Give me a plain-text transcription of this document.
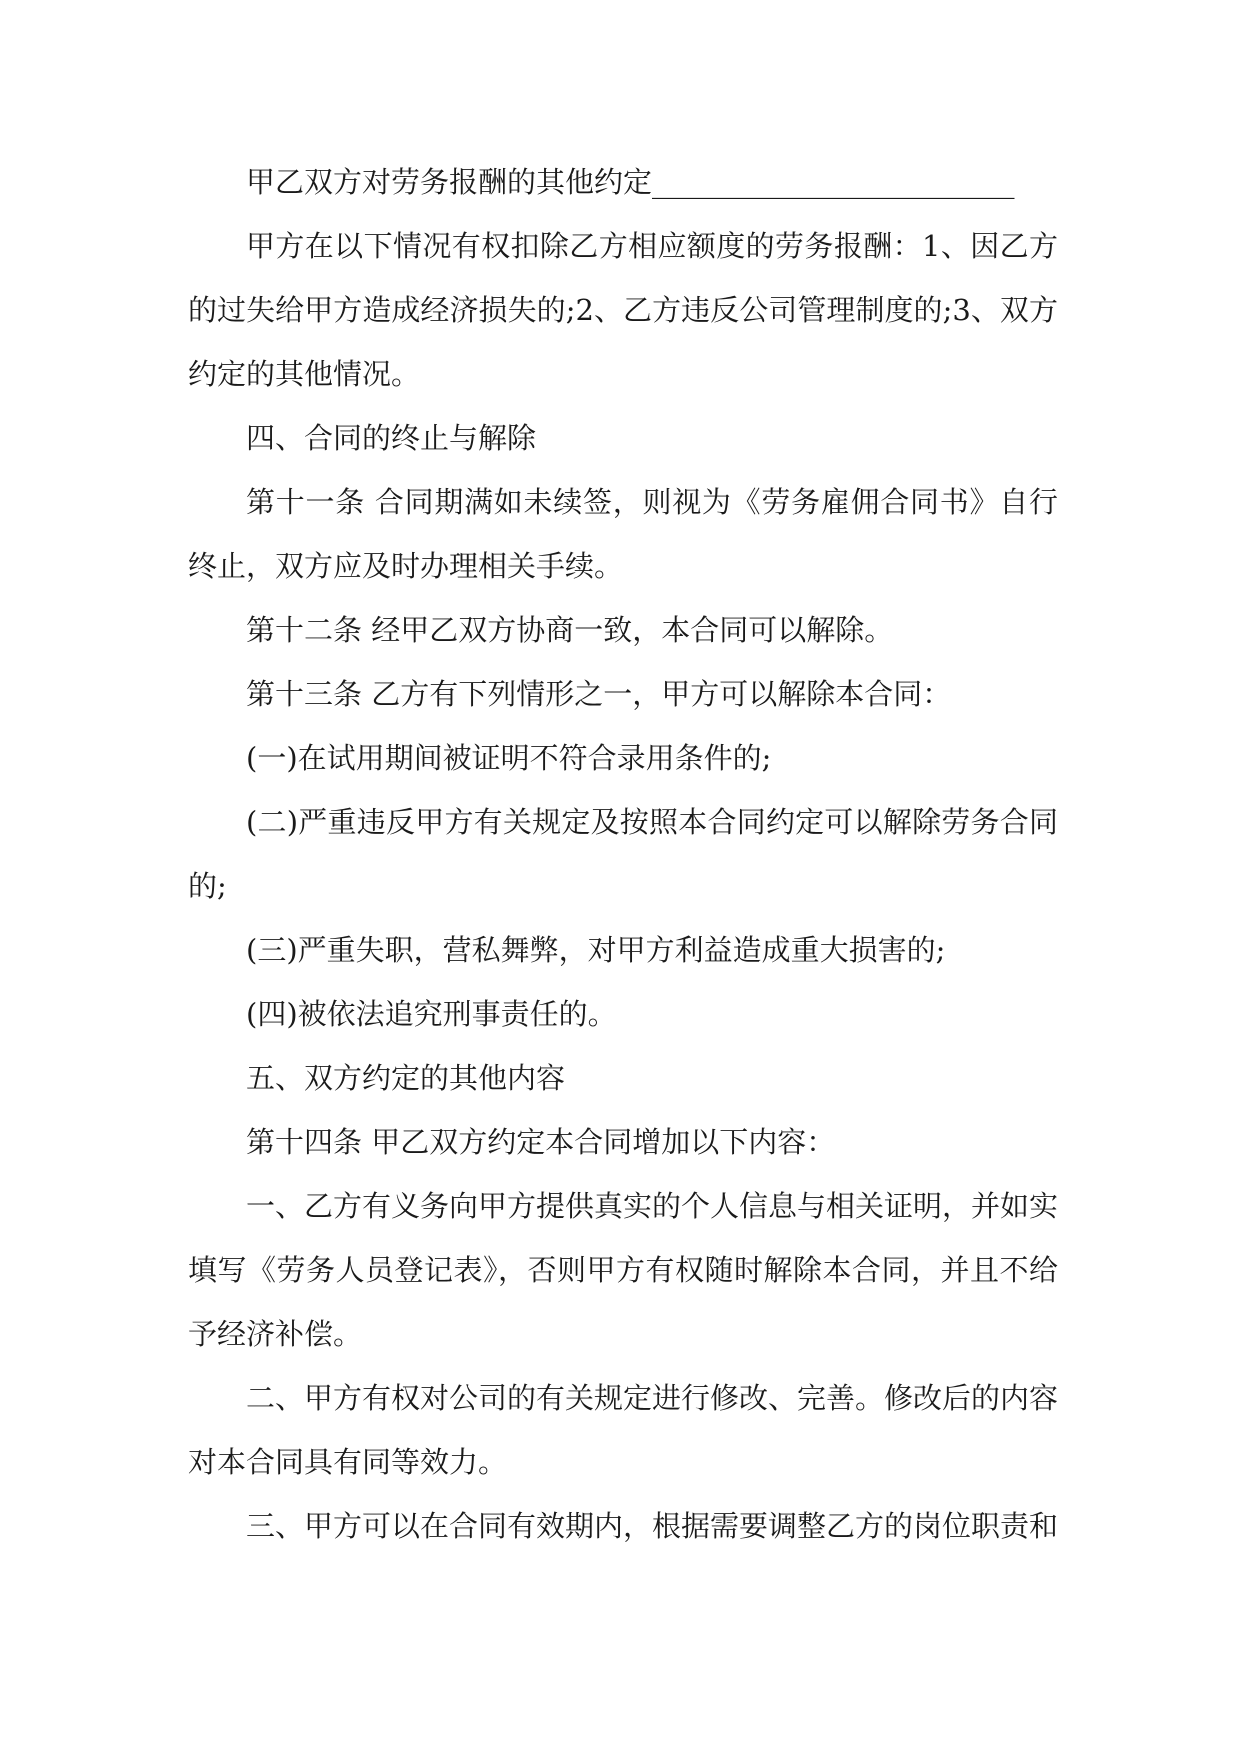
甲乙双方对劳务报酬的其他约定_________________________

甲方在以下情况有权扣除乙方相应额度的劳务报酬：1、因乙方的过失给甲方造成经济损失的;2、乙方违反公司管理制度的;3、双方约定的其他情况。

四、合同的终止与解除

第十一条 合同期满如未续签，则视为《劳务雇佣合同书》自行终止，双方应及时办理相关手续。

第十二条 经甲乙双方协商一致，本合同可以解除。

第十三条 乙方有下列情形之一，甲方可以解除本合同：

(一)在试用期间被证明不符合录用条件的;

(二)严重违反甲方有关规定及按照本合同约定可以解除劳务合同的;

(三)严重失职，营私舞弊，对甲方利益造成重大损害的;

(四)被依法追究刑事责任的。

五、双方约定的其他内容

第十四条 甲乙双方约定本合同增加以下内容：

一、乙方有义务向甲方提供真实的个人信息与相关证明，并如实填写《劳务人员登记表》，否则甲方有权随时解除本合同，并且不给予经济补偿。

二、甲方有权对公司的有关规定进行修改、完善。修改后的内容对本合同具有同等效力。

三、甲方可以在合同有效期内，根据需要调整乙方的岗位职责和
